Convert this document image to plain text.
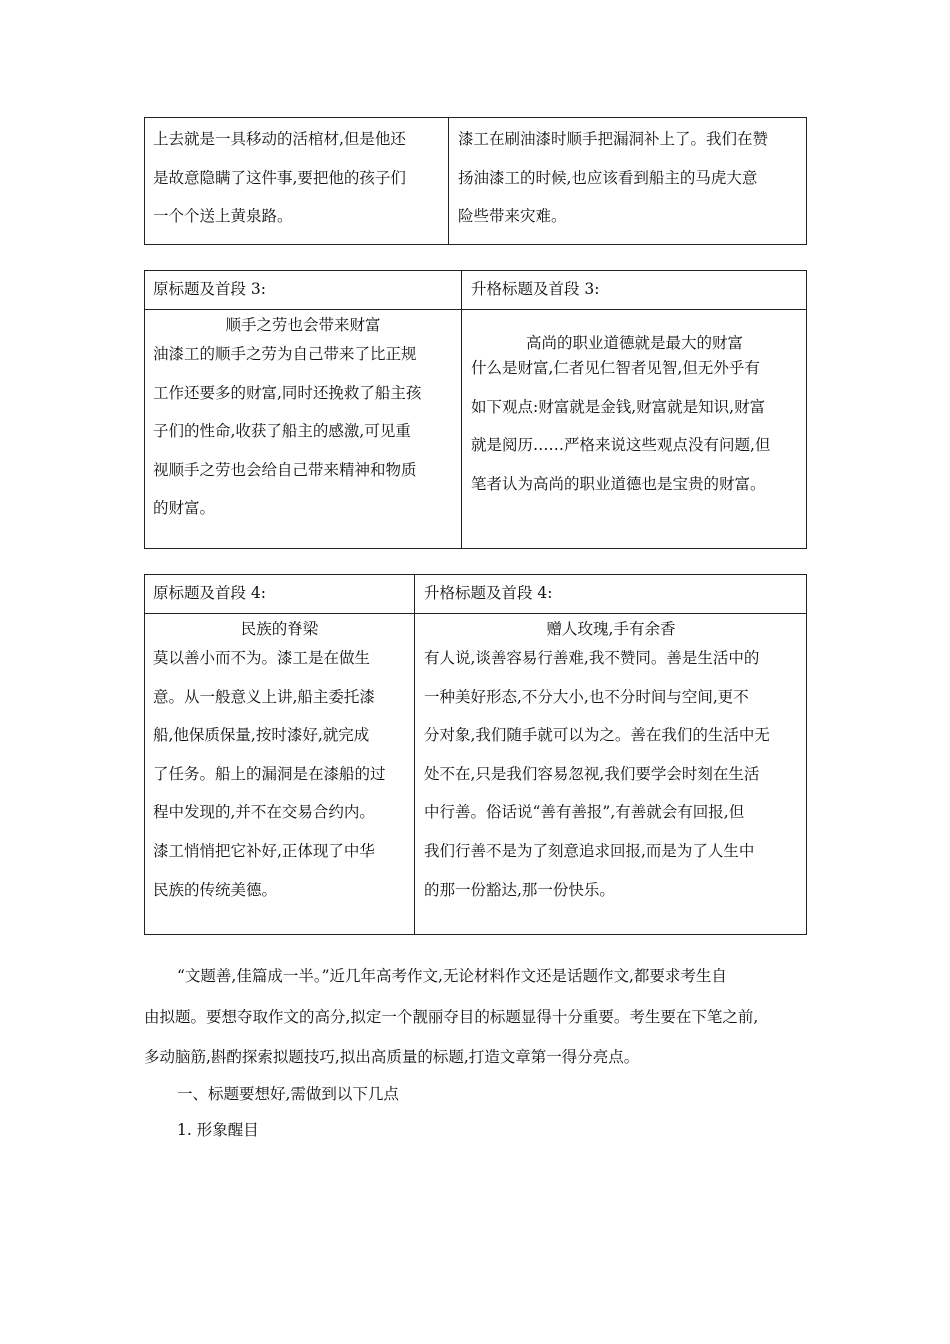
上去就是一具移动的活棺材,但是他还
是故意隐瞒了这件事,要把他的孩子们
一个个送上黄泉路。
漆工在刷油漆时顺手把漏洞补上了。我们在赞
扬油漆工的时候,也应该看到船主的马虎大意
险些带来灾难。
原标题及首段 3:	升格标题及首段 3:
顺手之劳也会带来财富
油漆工的顺手之劳为自己带来了比正规
工作还要多的财富,同时还挽救了船主孩
子们的性命,收获了船主的感激,可见重
视顺手之劳也会给自己带来精神和物质
的财富。
高尚的职业道德就是最大的财富
什么是财富,仁者见仁智者见智,但无外乎有
如下观点:财富就是金钱,财富就是知识,财富
就是阅历……严格来说这些观点没有问题,但
笔者认为高尚的职业道德也是宝贵的财富。
原标题及首段 4:	升格标题及首段 4:
民族的脊梁
莫以善小而不为。漆工是在做生
意。从一般意义上讲,船主委托漆
船,他保质保量,按时漆好,就完成
了任务。船上的漏洞是在漆船的过
程中发现的,并不在交易合约内。
漆工悄悄把它补好,正体现了中华
民族的传统美德。
赠人玫瑰,手有余香
有人说,谈善容易行善难,我不赞同。善是生活中的
一种美好形态,不分大小,也不分时间与空间,更不
分对象,我们随手就可以为之。善在我们的生活中无
处不在,只是我们容易忽视,我们要学会时刻在生活
中行善。俗话说“善有善报”,有善就会有回报,但
我们行善不是为了刻意追求回报,而是为了人生中
的那一份豁达,那一份快乐。
“文题善,佳篇成一半。”近几年高考作文,无论材料作文还是话题作文,都要求考生自
由拟题。要想夺取作文的高分,拟定一个靓丽夺目的标题显得十分重要。考生要在下笔之前,
多动脑筋,斟酌探索拟题技巧,拟出高质量的标题,打造文章第一得分亮点。
一、标题要想好,需做到以下几点
1. 形象醒目
